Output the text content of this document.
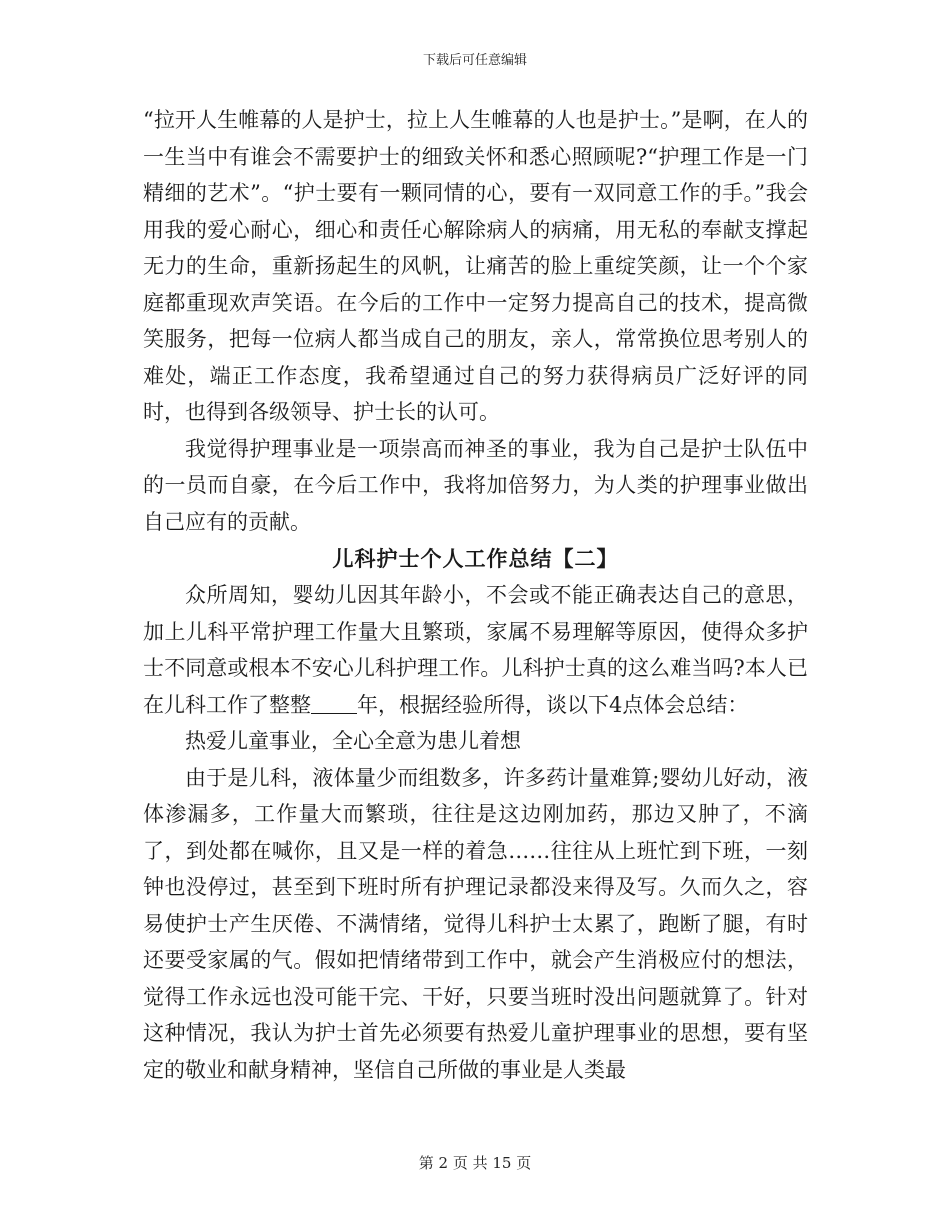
下载后可任意编辑

“拉开人生帷幕的人是护士，拉上人生帷幕的人也是护士。”是啊，在人的一生当中有谁会不需要护士的细致关怀和悉心照顾呢?“护理工作是一门精细的艺术”。“护士要有一颗同情的心，要有一双同意工作的手。”我会用我的爱心耐心，细心和责任心解除病人的病痛，用无私的奉献支撑起无力的生命，重新扬起生的风帆，让痛苦的脸上重绽笑颜，让一个个家庭都重现欢声笑语。在今后的工作中一定努力提高自己的技术，提高微笑服务，把每一位病人都当成自己的朋友，亲人，常常换位思考别人的难处，端正工作态度，我希望通过自己的努力获得病员广泛好评的同时，也得到各级领导、护士长的认可。

我觉得护理事业是一项崇高而神圣的事业，我为自己是护士队伍中的一员而自豪，在今后工作中，我将加倍努力，为人类的护理事业做出自己应有的贡献。

儿科护士个人工作总结【二】

众所周知，婴幼儿因其年龄小，不会或不能正确表达自己的意思，加上儿科平常护理工作量大且繁琐，家属不易理解等原因，使得众多护士不同意或根本不安心儿科护理工作。儿科护士真的这么难当吗?本人已在儿科工作了整整 年，根据经验所得，谈以下4点体会总结：

热爱儿童事业，全心全意为患儿着想

由于是儿科，液体量少而组数多，许多药计量难算;婴幼儿好动，液体渗漏多，工作量大而繁琐，往往是这边刚加药，那边又肿了，不滴了，到处都在喊你，且又是一样的着急……往往从上班忙到下班，一刻钟也没停过，甚至到下班时所有护理记录都没来得及写。久而久之，容易使护士产生厌倦、不满情绪，觉得儿科护士太累了，跑断了腿，有时还要受家属的气。假如把情绪带到工作中，就会产生消极应付的想法，觉得工作永远也没可能干完、干好，只要当班时没出问题就算了。针对这种情况，我认为护士首先必须要有热爱儿童护理事业的思想，要有坚定的敬业和献身精神，坚信自己所做的事业是人类最

第 2 页 共 15 页
